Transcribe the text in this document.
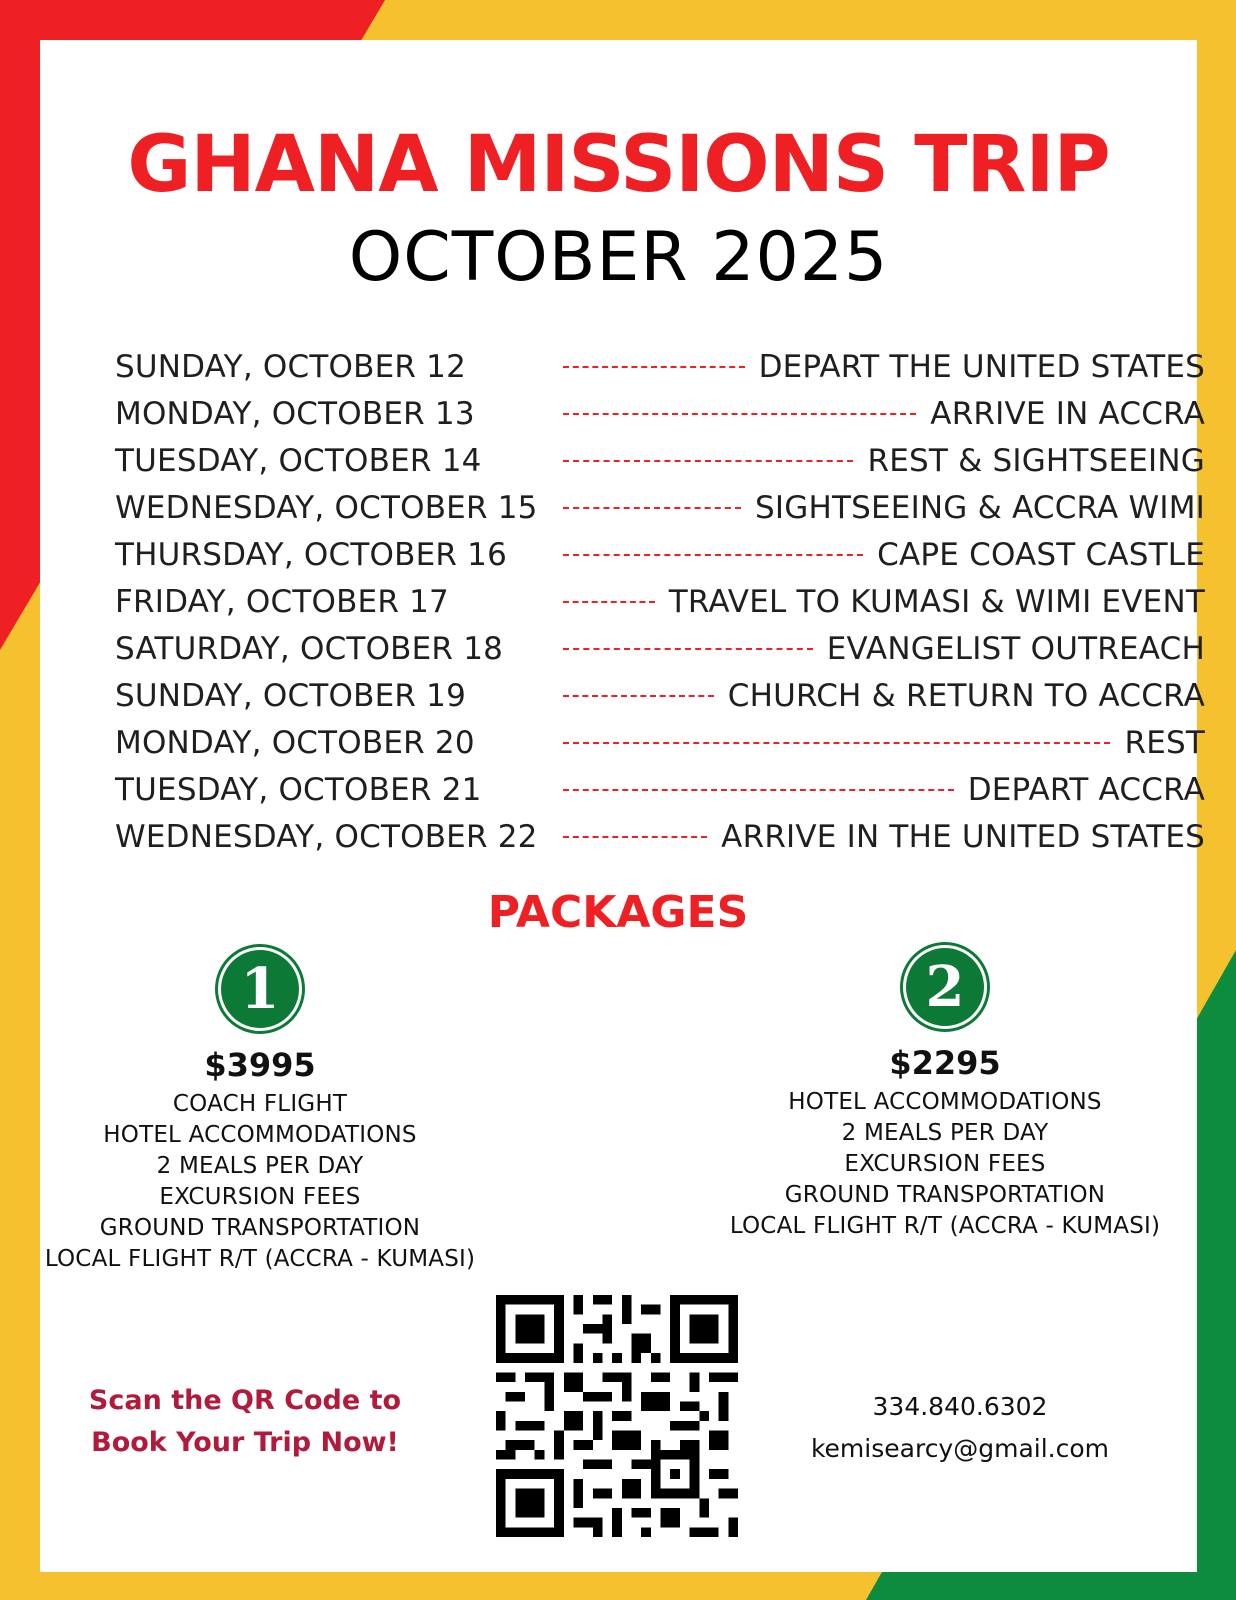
GHANA MISSIONS TRIP
OCTOBER 2025
SUNDAY, OCTOBER 12	DEPART THE UNITED STATES
MONDAY, OCTOBER 13	ARRIVE IN ACCRA
TUESDAY, OCTOBER 14	REST & SIGHTSEEING
WEDNESDAY, OCTOBER 15	SIGHTSEEING & ACCRA WIMI
THURSDAY, OCTOBER 16	CAPE COAST CASTLE
FRIDAY, OCTOBER 17	TRAVEL TO KUMASI & WIMI EVENT
SATURDAY, OCTOBER 18	EVANGELIST OUTREACH
SUNDAY, OCTOBER 19	CHURCH & RETURN TO ACCRA
MONDAY, OCTOBER 20	REST
TUESDAY, OCTOBER 21	DEPART ACCRA
WEDNESDAY, OCTOBER 22	ARRIVE IN THE UNITED STATES
PACKAGES
1
$3995
COACH FLIGHT
HOTEL ACCOMMODATIONS
2 MEALS PER DAY
EXCURSION FEES
GROUND TRANSPORTATION
LOCAL FLIGHT R/T (ACCRA - KUMASI)
2
$2295
HOTEL ACCOMMODATIONS
2 MEALS PER DAY
EXCURSION FEES
GROUND TRANSPORTATION
LOCAL FLIGHT R/T (ACCRA - KUMASI)
Scan the QR Code to
Book Your Trip Now!
334.840.6302
kemisearcy@gmail.com
